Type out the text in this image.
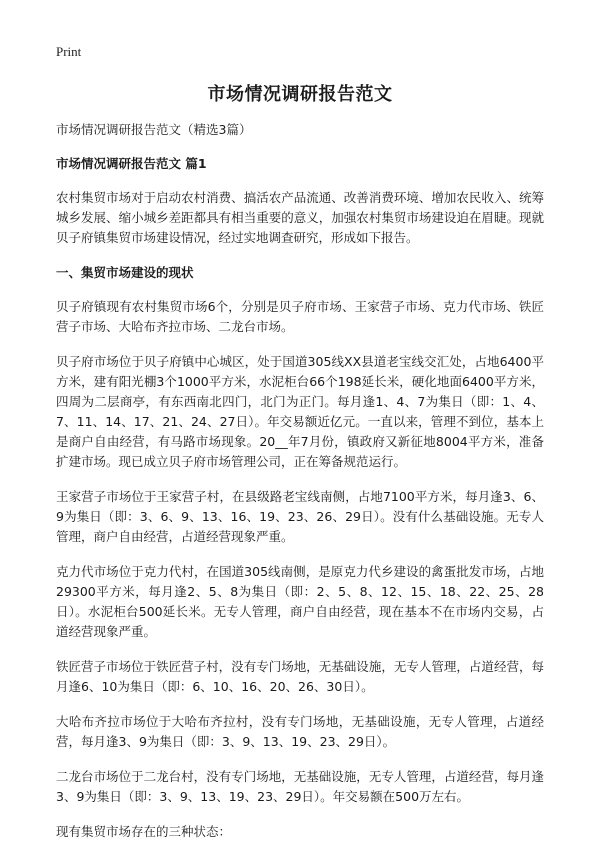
Print
市场情况调研报告范文

市场情况调研报告范文（精选3篇）

市场情况调研报告范文 篇1

农村集贸市场对于启动农村消费、搞活农产品流通、改善消费环境、增加农民收入、统筹城乡发展、缩小城乡差距都具有相当重要的意义，加强农村集贸市场建设迫在眉睫。现就贝子府镇集贸市场建设情况，经过实地调查研究，形成如下报告。

一、集贸市场建设的现状

贝子府镇现有农村集贸市场6个，分别是贝子府市场、王家营子市场、克力代市场、铁匠营子市场、大哈布齐拉市场、二龙台市场。

贝子府市场位于贝子府镇中心城区，处于国道305线XX县道老宝线交汇处，占地6400平方米，建有阳光棚3个1000平方米，水泥柜台66个198延长米，硬化地面6400平方米，四周为二层商亭，有东西南北四门，北门为正门。每月逢1、4、7为集日（即：1、4、7、11、14、17、21、24、27日）。年交易额近亿元。一直以来，管理不到位，基本上是商户自由经营，有马路市场现象。20__年7月份，镇政府又新征地8004平方米，准备扩建市场。现已成立贝子府市场管理公司，正在筹备规范运行。

王家营子市场位于王家营子村，在县级路老宝线南侧，占地7100平方米，每月逢3、6、9为集日（即：3、6、9、13、16、19、23、26、29日）。没有什么基础设施。无专人管理，商户自由经营，占道经营现象严重。

克力代市场位于克力代村，在国道305线南侧，是原克力代乡建设的禽蛋批发市场，占地29300平方米，每月逢2、5、8为集日（即：2、5、8、12、15、18、22、25、28日）。水泥柜台500延长米。无专人管理，商户自由经营，现在基本不在市场内交易，占道经营现象严重。

铁匠营子市场位于铁匠营子村，没有专门场地，无基础设施，无专人管理，占道经营，每月逢6、10为集日（即：6、10、16、20、26、30日）。

大哈布齐拉市场位于大哈布齐拉村，没有专门场地，无基础设施，无专人管理，占道经营，每月逢3、9为集日（即：3、9、13、19、23、29日）。

二龙台市场位于二龙台村，没有专门场地，无基础设施，无专人管理，占道经营，每月逢3、9为集日（即：3、9、13、19、23、29日）。年交易额在500万左右。

现有集贸市场存在的三种状态：
